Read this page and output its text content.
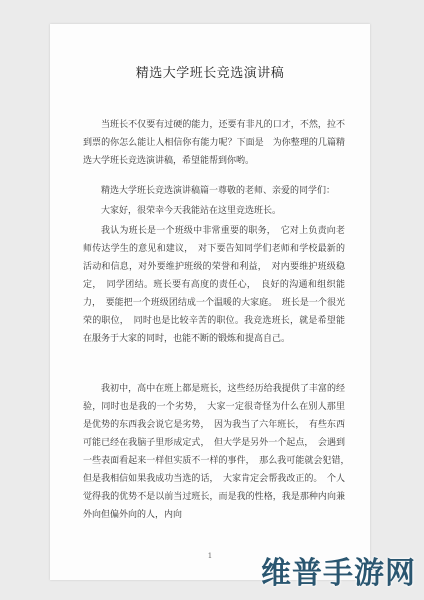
精选大学班长竞选演讲稿
当班长不仅要有过硬的能力，还要有非凡的口才，不然，拉不到票的你怎么能让人相信你有能力呢？下面是　为你整理的几篇精选大学班长竞选演讲稿，希望能帮到你哟。
精选大学班长竞选演讲稿篇一尊敬的老师、亲爱的同学们：
大家好，很荣幸今天我能站在这里竞选班长。
我认为班长是一个班级中非常重要的职务，　它对上负责向老师传达学生的意见和建议，　对下要告知同学们老师和学校最新的活动和信息，对外要维护班级的荣誉和利益，　对内要维护班级稳定，　同学团结。班长要有高度的责任心，　良好的沟通和组织能力，　要能把一个班级团结成一个温暖的大家庭。　班长是一个很光荣的职位，　同时也是比较辛苦的职位。我竞选班长，就是希望能在服务于大家的同时，也能不断的锻炼和提高自己。
我初中，高中在班上都是班长，这些经历给我提供了丰富的经验，同时也是我的一个劣势，　大家一定很奇怪为什么在别人那里是优势的东西我会说它是劣势，　因为我当了六年班长，　有些东西可能已经在我脑子里形成定式，　但大学是另外一个起点，　会遇到一些表面看起来一样但实质不一样的事件，　那么我可能就会犯错，　但是我相信如果我成功当选的话，　大家肯定会帮我改正的。　个人觉得我的优势不是以前当过班长，而是我的性格，我是那种内向兼外向但偏外向的人，内向
1	维普手游网
